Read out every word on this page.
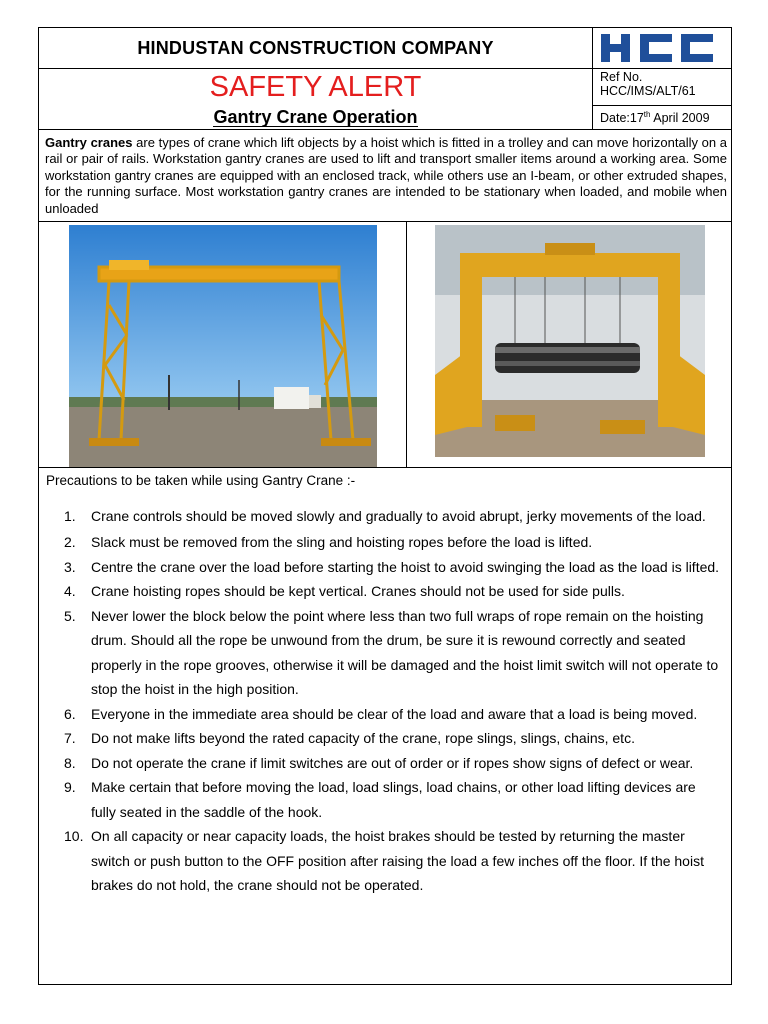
HINDUSTAN CONSTRUCTION COMPANY
SAFETY ALERT
Gantry Crane Operation
Ref No.
HCC/IMS/ALT/61
Date:17th April 2009
Gantry cranes are types of crane which lift objects by a hoist which is fitted in a trolley and can move horizontally on a rail or pair of rails. Workstation gantry cranes are used to lift and transport smaller items around a working area. Some workstation gantry cranes are equipped with an enclosed track, while others use an I-beam, or other extruded shapes, for the running surface. Most workstation gantry cranes are intended to be stationary when loaded, and mobile when unloaded
Precautions to be taken while using Gantry Crane :-
1.	Crane controls should be moved slowly and gradually to avoid abrupt, jerky movements of the load.
2.	Slack must be removed from the sling and hoisting ropes before the load is lifted.
3.	Centre the crane over the load before starting the hoist to avoid swinging the load as the load is lifted.
4.	Crane hoisting ropes should be kept vertical. Cranes should not be used for side pulls.
5.	Never lower the block below the point where less than two full wraps of rope remain on the hoisting drum. Should all the rope be unwound from the drum, be sure it is rewound correctly and seated properly in the rope grooves, otherwise it will be damaged and the hoist limit switch will not operate to stop the hoist in the high position.
6.	Everyone in the immediate area should be clear of the load and aware that a load is being moved.
7.	Do not make lifts beyond the rated capacity of the crane, rope slings, slings, chains, etc.
8.	Do not operate the crane if limit switches are out of order or if ropes show signs of defect or wear.
9.	Make certain that before moving the load, load slings, load chains, or other load lifting devices are fully seated in the saddle of the hook.
10. On all capacity or near capacity loads, the hoist brakes should be tested by returning the master switch or push button to the OFF position after raising the load a few inches off the floor. If the hoist brakes do not hold, the crane should not be operated.
